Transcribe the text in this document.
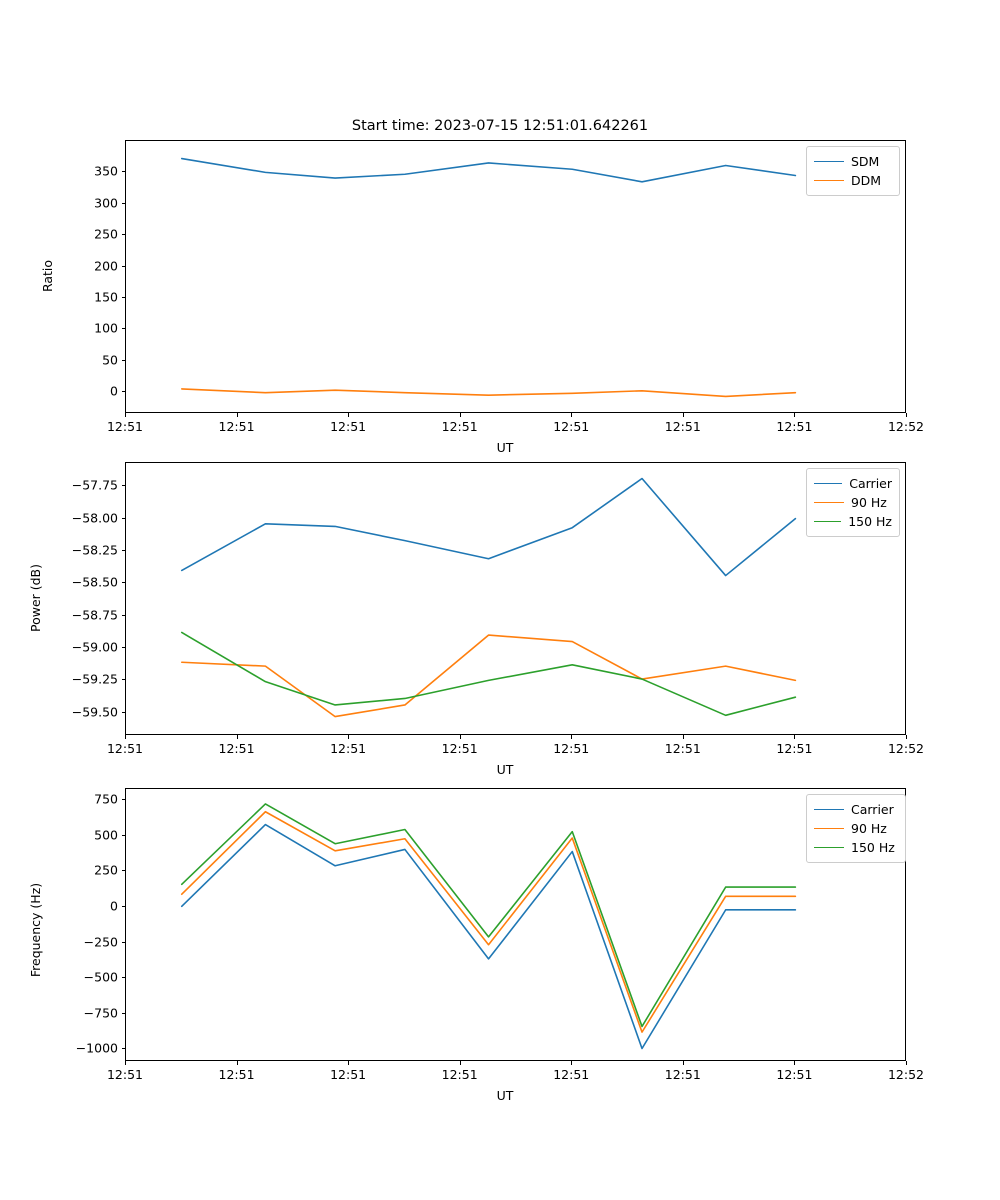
Start time: 2023-07-15 12:51:01.642261
Ratio
UT
0
50
100
150
200
250
300
350
12:51	12:51	12:51	12:51	12:51	12:51	12:51	12:52
SDM
DDM
Power (dB)
UT
−59.50
−59.25
−59.00
−58.75
−58.50
−58.25
−58.00
−57.75
12:51	12:51	12:51	12:51	12:51	12:51	12:51	12:52
Carrier
90 Hz
150 Hz
Frequency (Hz)
UT
−1000
−750
−500
−250
0
250
500
750
12:51	12:51	12:51	12:51	12:51	12:51	12:51	12:52
Carrier
90 Hz
150 Hz
